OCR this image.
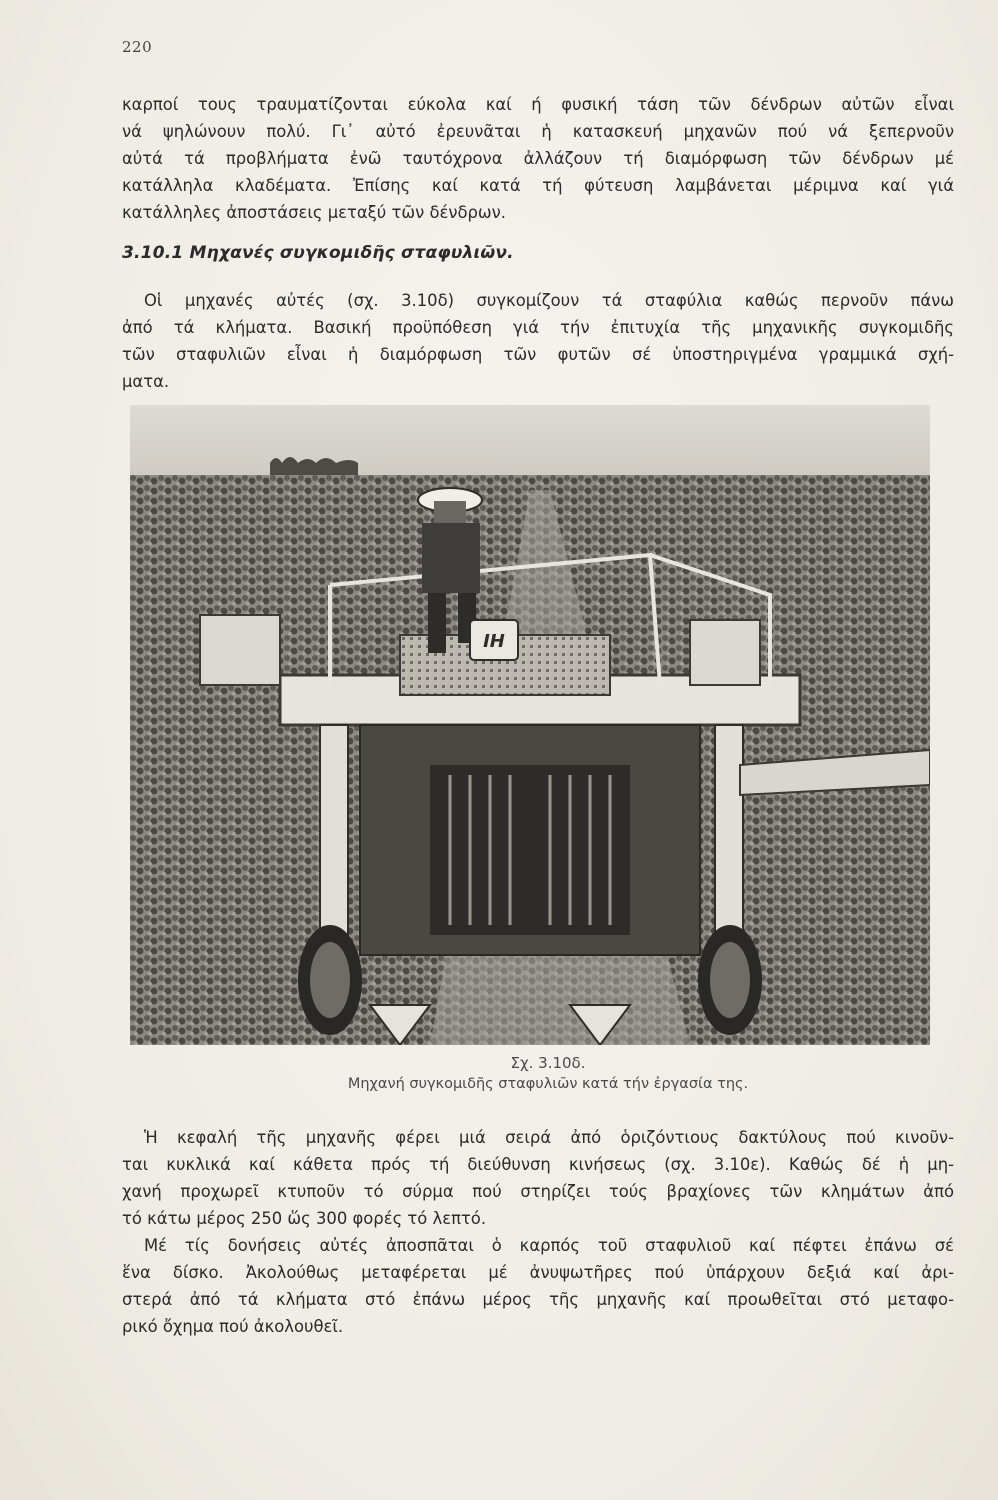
220
καρποί τους τραυματίζονται εύκολα καί ή φυσική τάση τῶν δένδρων αὐτῶν εἶναι
νά ψηλώνουν πολύ. Γι᾿ αὐτό ἐρευνᾶται ἡ κατασκευή μηχανῶν πού νά ξεπερνοῦν
αὐτά τά προβλήματα ἐνῶ ταυτόχρονα ἀλλάζουν τή διαμόρφωση τῶν δένδρων μέ
κατάλληλα κλαδέματα. Ἐπίσης καί κατά τή φύτευση λαμβάνεται μέριμνα καί γιά
κατάλληλες ἀποστάσεις μεταξύ τῶν δένδρων.
3.10.1 Μηχανές συγκομιδῆς σταφυλιῶν.
Οἱ μηχανές αὐτές (σχ. 3.10δ) συγκομίζουν τά σταφύλια καθώς περνοῦν πάνω
ἀπό τά κλήματα. Βασική προϋπόθεση γιά τήν ἐπιτυχία τῆς μηχανικῆς συγκομιδῆς
τῶν σταφυλιῶν εἶναι ἡ διαμόρφωση τῶν φυτῶν σέ ὑποστηριγμένα γραμμικά σχή-
ματα.
IH
Σχ. 3.10δ.
Μηχανή συγκομιδῆς σταφυλιῶν κατά τήν ἐργασία της.
Ἡ κεφαλή τῆς μηχανῆς φέρει μιά σειρά ἀπό ὁριζόντιους δακτύλους πού κινοῦν-
ται κυκλικά καί κάθετα πρός τή διεύθυνση κινήσεως (σχ. 3.10ε). Καθώς δέ ἡ μη-
χανή προχωρεῖ κτυποῦν τό σύρμα πού στηρίζει τούς βραχίονες τῶν κλημάτων ἀπό
τό κάτω μέρος 250 ὥς 300 φορές τό λεπτό.
Μέ τίς δονήσεις αὐτές ἀποσπᾶται ὁ καρπός τοῦ σταφυλιοῦ καί πέφτει ἐπάνω σέ
ἕνα δίσκο. Ἀκολούθως μεταφέρεται μέ ἀνυψωτῆρες πού ὑπάρχουν δεξιά καί ἀρι-
στερά ἀπό τά κλήματα στό ἐπάνω μέρος τῆς μηχανῆς καί προωθεῖται στό μεταφο-
ρικό ὄχημα πού ἀκολουθεῖ.
